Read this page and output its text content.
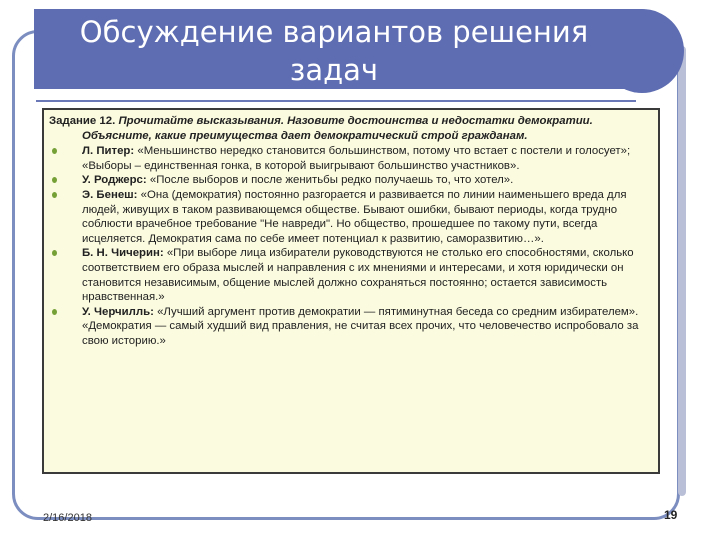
Обсуждение вариантов решения задач

Задание 12. Прочитайте высказывания. Назовите достоинства и недостатки демократии. Объясните, какие преимущества дает демократический строй гражданам.

Л. Питер: «Меньшинство нередко становится большинством, потому что встает с постели и голосует»; «Выборы – единственная гонка, в которой выигрывают большинство участников».
У. Роджерс: «После выборов и после женитьбы редко получаешь то, что хотел».
Э. Бенеш: «Она (демократия) постоянно разгорается и развивается по линии наименьшего вреда для людей, живущих в таком развивающемся обществе. Бывают ошибки, бывают периоды, когда трудно соблюсти врачебное требование "Не навреди". Но общество, прошедшее по такому пути, всегда исцеляется. Демократия сама по себе имеет потенциал к развитию, саморазвитию…».
Б. Н. Чичерин: «При выборе лица избиратели руководствуются не столько его способностями, сколько соответствием его образа мыслей и направления с их мнениями и интересами, и хотя юридически он становится независимым, общение мыслей должно сохраняться постоянно; остается зависимость нравственная.»
У. Черчилль: «Лучший аргумент против демократии — пятиминутная беседа со средним избирателем». «Демократия — самый худший вид правления, не считая всех прочих, что человечество испробовало за свою историю.»
2/16/2018	19
